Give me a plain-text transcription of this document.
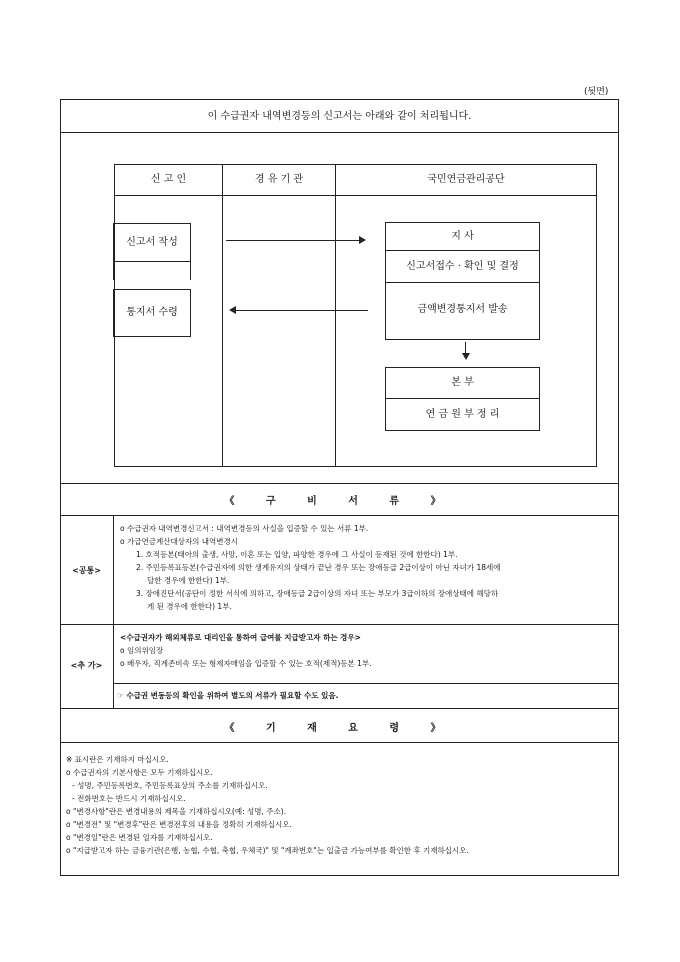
(뒷면)
이 수급권자 내역변경등의 신고서는 아래와 같이 처리됩니다.
신 고 인	경 유 기 관	국민연금관리공단
신고서 작성
통지서 수령
지 사
신고서접수 · 확인 및 결정
금액변경통지서 발송
본 부
연 금 원 부 정 리
《 구 비 서 류 》
<공통>
o 수급권자 내역변경신고서 : 내역변경등의 사실을 입증할 수 있는 서류 1부.
o 가급연금계산대상자의 내역변경시
1. 호적등본(태아의 출생, 사망, 이혼 또는 입양, 파양한 경우에 그 사실이 등재된 것에 한한다) 1부.
2. 주민등록표등본(수급권자에 의한 생계유지의 상태가 끝난 경우 또는 장애등급 2급이상이 아닌 자녀가 18세에
달한 경우에 한한다) 1부.
3. 장애진단서(공단이 정한 서식에 의하고, 장애등급 2급이상의 자녀 또는 부모가 3급이하의 장애상태에 해당하
게 된 경우에 한한다) 1부.
<추 가>
<수급권자가 해외체류로 대리인을 통하여 급여를 지급받고자 하는 경우>
o 임의위임장
o 배우자, 직계존비속 또는 형제자매임을 입증할 수 있는 호적(제적)등본 1부.
☞ 수급권 변동등의 확인을 위하여 별도의 서류가 필요할 수도 있음.
《 기 재 요 령 》
※ 표시란은 기재하지 마십시오.
o 수급권자의 기본사항은 모두 기재하십시오.
- 성명, 주민등록번호, 주민등록표상의 주소를 기재하십시오.
- 전화번호는 반드시 기재하십시오.
o "변경사항"란은 변경내용의 제목을 기재하십시오(예: 성명, 주소).
o "변경전" 및 "변경후"란은 변경전후의 내용을 정확히 기재하십시오.
o "변경일"란은 변경된 일자를 기재하십시오.
o "지급받고자 하는 금융기관(은행, 농협, 수협, 축협, 우체국)" 및 "계좌번호"는 입출금 가능여부를 확인한 후 기재하십시오.
